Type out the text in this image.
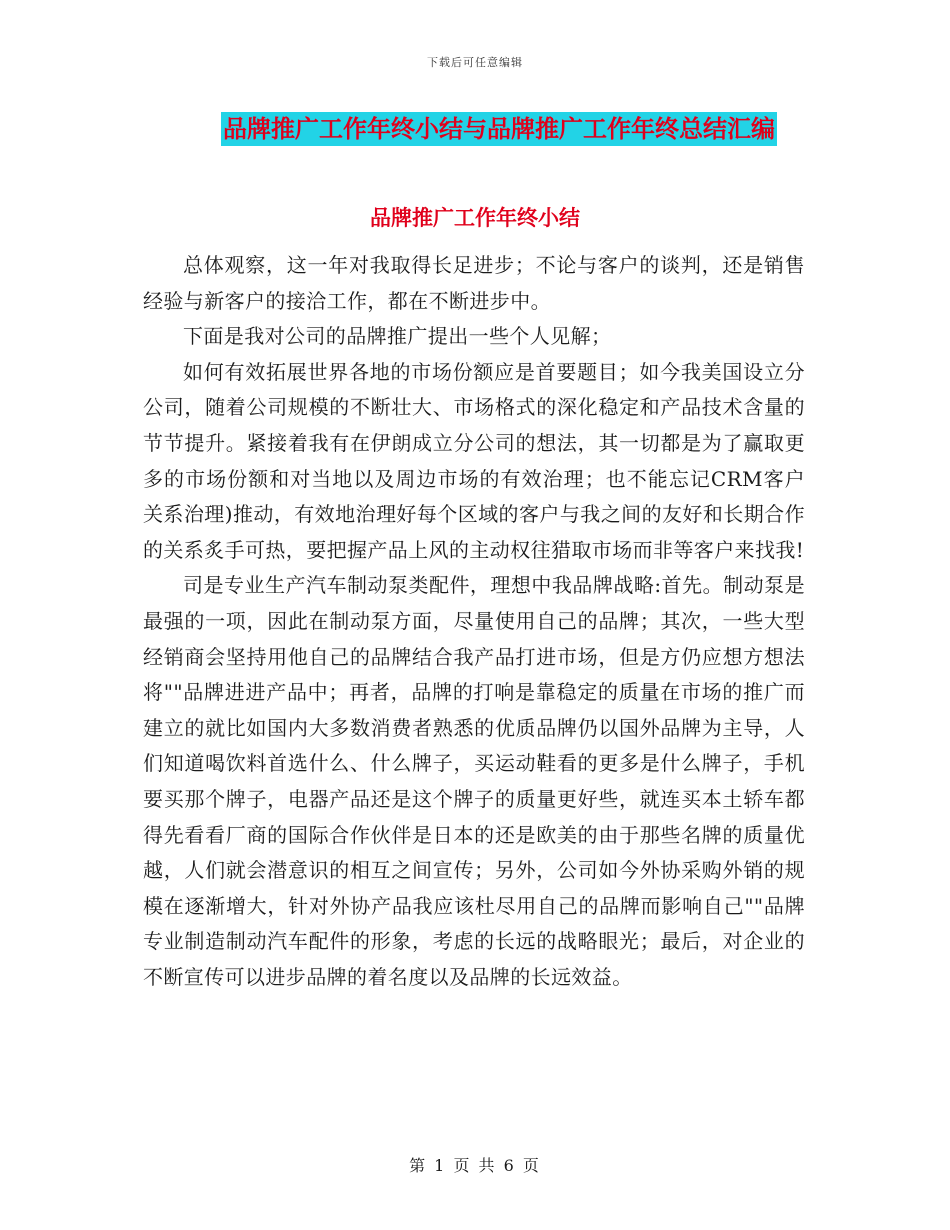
下载后可任意编辑
品牌推广工作年终小结与品牌推广工作年终总结汇编
品牌推广工作年终小结

总体观察，这一年对我取得长足进步；不论与客户的谈判，还是销售经验与新客户的接洽工作，都在不断进步中。

下面是我对公司的品牌推广提出一些个人见解；

如何有效拓展世界各地的市场份额应是首要题目；如今我美国设立分公司，随着公司规模的不断壮大、市场格式的深化稳定和产品技术含量的节节提升。紧接着我有在伊朗成立分公司的想法，其一切都是为了赢取更多的市场份额和对当地以及周边市场的有效治理；也不能忘记CRM客户关系治理)推动，有效地治理好每个区域的客户与我之间的友好和长期合作的关系炙手可热，要把握产品上风的主动权往猎取市场而非等客户来找我!

司是专业生产汽车制动泵类配件，理想中我品牌战略:首先。制动泵是最强的一项，因此在制动泵方面，尽量使用自己的品牌；其次，一些大型经销商会坚持用他自己的品牌结合我产品打进市场，但是方仍应想方想法将""品牌进进产品中；再者，品牌的打响是靠稳定的质量在市场的推广而建立的就比如国内大多数消费者熟悉的优质品牌仍以国外品牌为主导，人们知道喝饮料首选什么、什么牌子，买运动鞋看的更多是什么牌子，手机要买那个牌子，电器产品还是这个牌子的质量更好些，就连买本土轿车都得先看看厂商的国际合作伙伴是日本的还是欧美的由于那些名牌的质量优越，人们就会潜意识的相互之间宣传；另外，公司如今外协采购外销的规模在逐渐增大，针对外协产品我应该杜尽用自己的品牌而影响自己""品牌专业制造制动汽车配件的形象，考虑的长远的战略眼光；最后，对企业的不断宣传可以进步品牌的着名度以及品牌的长远效益。

第 1 页 共 6 页
